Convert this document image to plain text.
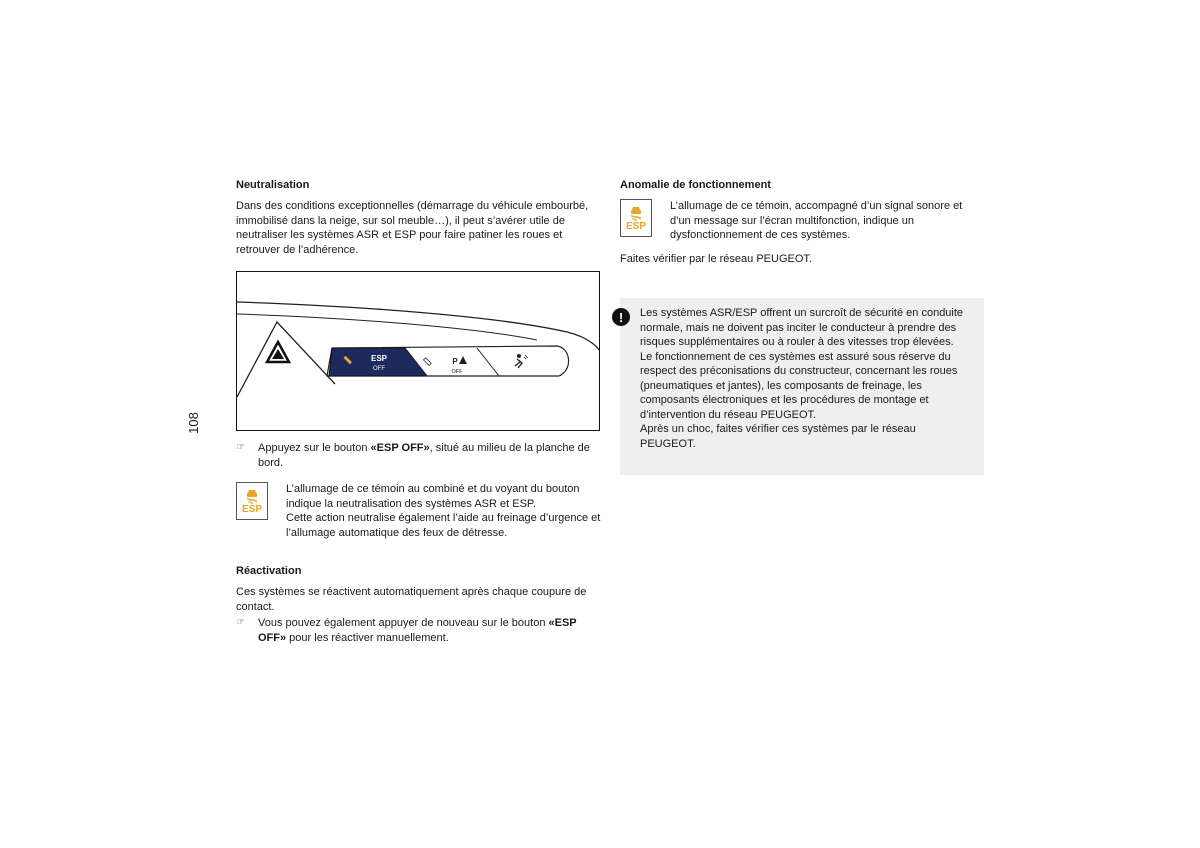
108
Neutralisation

Dans des conditions exceptionnelles (démarrage du véhicule embourbé, immobilisé dans la neige, sur sol meuble…), il peut s’avérer utile de neutraliser les systèmes ASR et ESP pour faire patiner les roues et retrouver de l’adhérence.

ESP
OFF
P
OFF
☞	Appuyez sur le bouton «ESP OFF», situé au milieu de la planche de bord.
ESP

L’allumage de ce témoin au combiné et du voyant du bouton indique la neutralisation des systèmes ASR et ESP.

Cette action neutralise également l’aide au freinage d’urgence et l’allumage automatique des feux de détresse.

Réactivation

Ces systèmes se réactivent automatiquement après chaque coupure de contact.

☞	Vous pouvez également appuyer de nouveau sur le bouton «ESP OFF» pour les réactiver manuellement.
Anomalie de fonctionnement
ESP

L’allumage de ce témoin, accompagné d’un signal sonore et d’un message sur l’écran multifonction, indique un dysfonctionnement de ces systèmes.

Faites vérifier par le réseau PEUGEOT.

!	Les systèmes ASR/ESP offrent un surcroît de sécurité en conduite normale, mais ne doivent pas inciter le conducteur à prendre des risques supplémentaires ou à rouler à des vitesses trop élevées.

Le fonctionnement de ces systèmes est assuré sous réserve du respect des préconisations du constructeur, concernant les roues (pneumatiques et jantes), les composants de freinage, les composants électroniques et les procédures de montage et d’intervention du réseau PEUGEOT.

Après un choc, faites vérifier ces systèmes par le réseau PEUGEOT.
